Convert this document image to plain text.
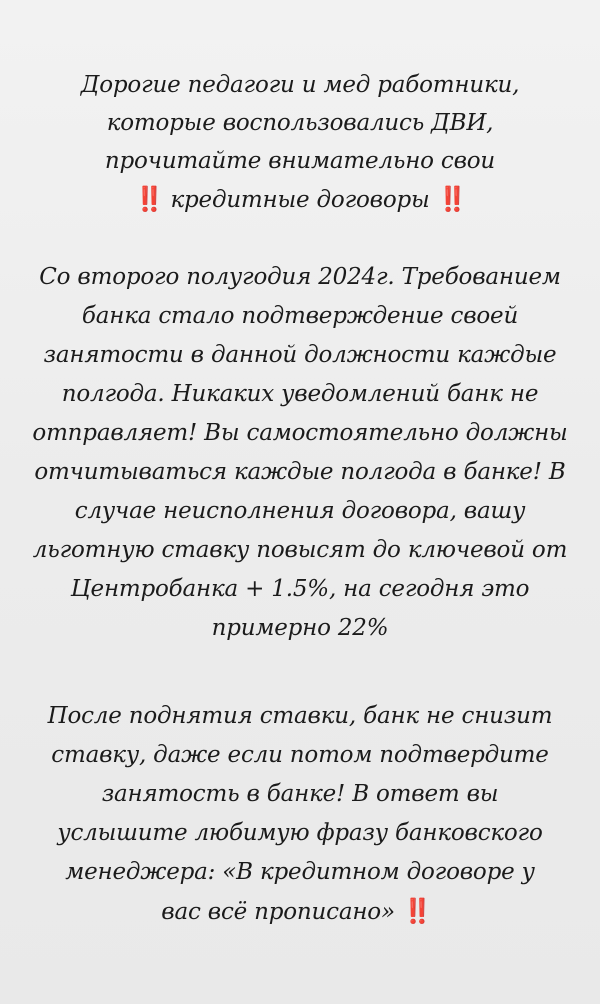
Дорогие педагоги и мед работники,
которые воспользовались ДВИ,
прочитайте внимательно свои
‼️ кредитные договоры ‼️
Со второго полугодия 2024г. Требованием
банка стало подтверждение своей
занятости в данной должности каждые
полгода. Никаких уведомлений банк не
отправляет! Вы самостоятельно должны
отчитываться каждые полгода в банке! В
случае неисполнения договора, вашу
льготную ставку повысят до ключевой от
Центробанка + 1.5%, на сегодня это
примерно 22%
После поднятия ставки, банк не снизит
ставку, даже если потом подтвердите
занятость в банке! В ответ вы
услышите любимую фразу банковского
менеджера: «В кредитном договоре у
вас всё прописано» ‼️
